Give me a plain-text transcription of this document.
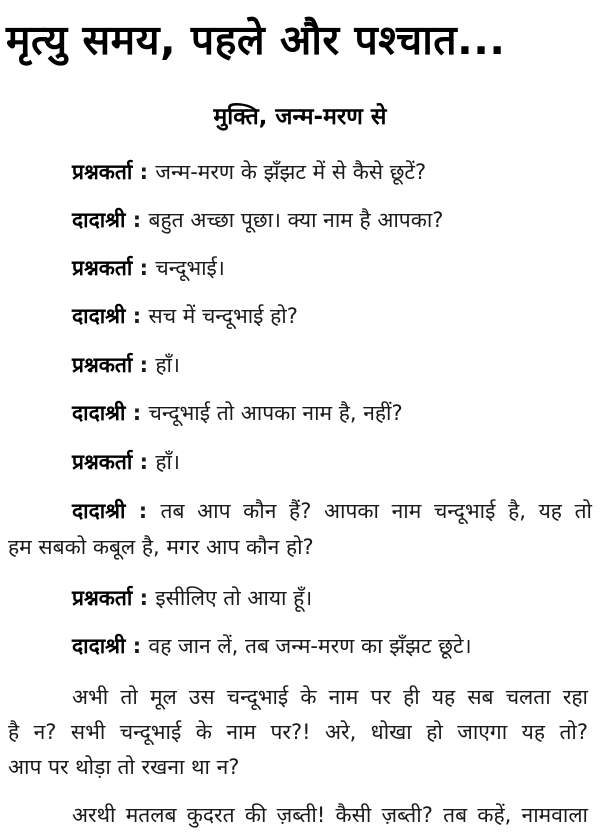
मृत्यु समय, पहले और पश्चात...
मुक्ति, जन्म-मरण से
प्रश्नकर्ता : जन्म-मरण के झँझट में से कैसे छूटें?
दादाश्री : बहुत अच्छा पूछा। क्या नाम है आपका?
प्रश्नकर्ता : चन्दूभाई।
दादाश्री : सच में चन्दूभाई हो?
प्रश्नकर्ता : हाँ।
दादाश्री : चन्दूभाई तो आपका नाम है, नहीं?
प्रश्नकर्ता : हाँ।
दादाश्री : तब आप कौन हैं? आपका नाम चन्दूभाई है, यह तो
हम सबको कबूल है, मगर आप कौन हो?
प्रश्नकर्ता : इसीलिए तो आया हूँ।
दादाश्री : वह जान लें, तब जन्म-मरण का झँझट छूटे।
अभी तो मूल उस चन्दूभाई के नाम पर ही यह सब चलता रहा
है न? सभी चन्दूभाई के नाम पर?! अरे, धोखा हो जाएगा यह तो?
आप पर थोड़ा तो रखना था न?
अरथी मतलब कुदरत की ज़ब्ती! कैसी ज़ब्ती? तब कहें, नामवाला
